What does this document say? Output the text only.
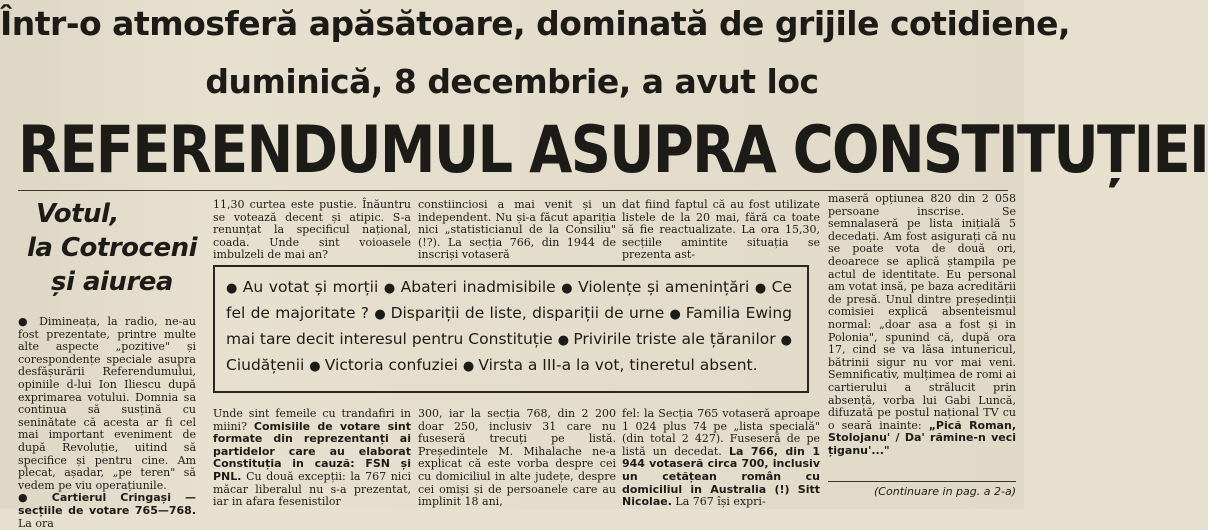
Într-o atmosferă apăsătoare, dominată de grijile cotidiene,
duminică, 8 decembrie, a avut loc
REFERENDUMUL ASUPRA CONSTITUȚIEI
Votul,
la Cotroceni
și aiurea

● Dimineața, la radio, ne-au fost prezentate, printre multe alte aspecte „pozitive" și corespondențe speciale asupra desfășurării Referendumului, opiniile d-lui Ion Iliescu după exprimarea votului. Domnia sa continua să susțină cu seninătate că acesta ar fi cel mai important eveniment de după Revoluție, uitind să specifice și pentru cine. Am plecat, așadar, „pe teren" să vedem pe viu operațiunile.

● Cartierul Cringași — secțiile de votare 765—768. La ora

11,30 curtea este pustie. Înăuntru se votează decent și atipic. S-a renunțat la specificul național, coada. Unde sint voioasele imbulzeli de mai an?
constiinciosi a mai venit și un independent. Nu și-a făcut apariția nici „statisticianul de la Consiliu" (!?). La secția 766, din 1944 de inscriși votaseră
dat fiind faptul că au fost utilizate listele de la 20 mai, fără ca toate să fie reactualizate. La ora 15,30, secțiile amintite situația se prezenta ast-
● Au votat și morții ● Abateri inadmisibile ● Violențe și amenințări ● Ce fel de majoritate ? ● Dispariții de liste, dispariții de urne ● Familia Ewing mai tare decit interesul pentru Constituție ● Privirile triste ale țăranilor ● Ciudățenii ● Victoria confuziei ● Virsta a III-a la vot, tineretul absent.
Unde sint femeile cu trandafiri in miini? Comisiile de votare sint formate din reprezentanți ai partidelor care au elaborat Constituția in cauză: FSN și PNL. Cu două excepții: la 767 nici măcar liberalul nu s-a prezentat, iar in afara fesenistilor
300, iar la secția 768, din 2 200 doar 250, inclusiv 31 care nu fuseseră trecuți pe listă. Președintele M. Mihalache ne-a explicat că este vorba despre cei cu domiciliul in alte județe, despre cei omiși și de persoanele care au implinit 18 ani,
fel: la Secția 765 votaseră aproape 1 024 plus 74 pe „lista specială" (din total 2 427). Fuseseră de pe listă un decedat. La 766, din 1 944 votaseră circa 700, inclusiv un cetățean român cu domiciliul in Australia (!) Sitt Nicolae. La 767 își expri-
maseră opțiunea 820 din 2 058 persoane inscrise. Se semnalaseră pe lista inițială 5 decedați. Am fost asigurați că nu se poate vota de două ori, deoarece se aplică ștampila pe actul de identitate. Eu personal am votat insă, pe baza acreditării de presă. Unul dintre președinții comisiei explică absenteismul normal: „doar asa a fost și in Polonia", spunind că, după ora 17, cind se va lăsa intunericul, bătrinii sigur nu vor mai veni. Semnificativ, mulțimea de romi ai cartierului a strălucit prin absență, vorba lui Gabi Luncă, difuzată pe postul național TV cu o seară inainte: „Pică Roman, Stolojanu' / Da' rămine-n veci țiganu'..."
(Continuare in pag. a 2-a)
